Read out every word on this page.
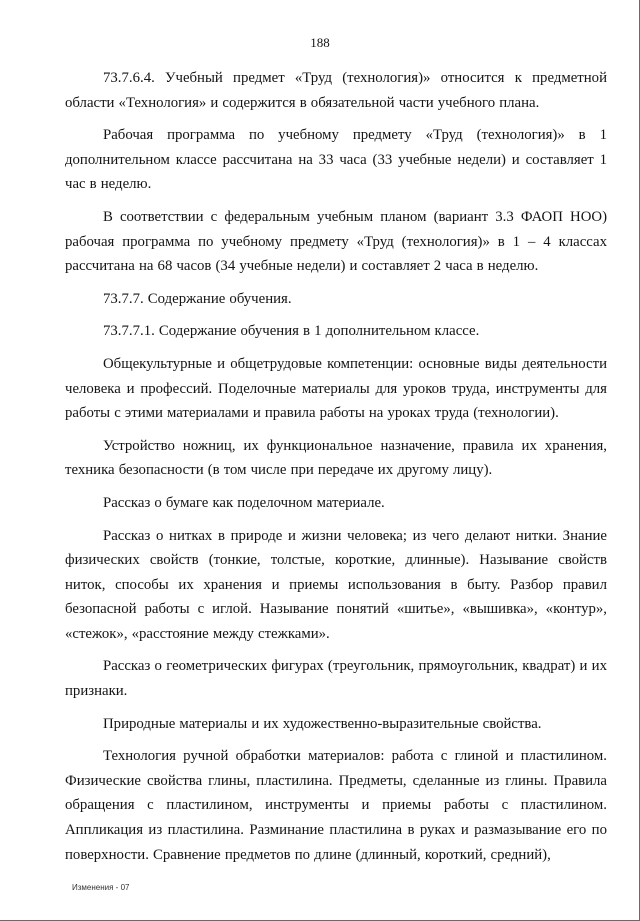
188

73.7.6.4. Учебный предмет «Труд (технология)» относится к предметной области «Технология» и содержится в обязательной части учебного плана.

Рабочая программа по учебному предмету «Труд (технология)» в 1 дополнительном классе рассчитана на 33 часа (33 учебные недели) и составляет 1 час в неделю.

В соответствии с федеральным учебным планом (вариант 3.3 ФАОП НОО) рабочая программа по учебному предмету «Труд (технология)» в 1 – 4 классах рассчитана на 68 часов (34 учебные недели) и составляет 2 часа в неделю.

73.7.7. Содержание обучения.

73.7.7.1. Содержание обучения в 1 дополнительном классе.

Общекультурные и общетрудовые компетенции: основные виды деятельности человека и профессий. Поделочные материалы для уроков труда, инструменты для работы с этими материалами и правила работы на уроках труда (технологии).

Устройство ножниц, их функциональное назначение, правила их хранения, техника безопасности (в том числе при передаче их другому лицу).

Рассказ о бумаге как поделочном материале.

Рассказ о нитках в природе и жизни человека; из чего делают нитки. Знание физических свойств (тонкие, толстые, короткие, длинные). Называние свойств ниток, способы их хранения и приемы использования в быту. Разбор правил безопасной работы с иглой. Называние понятий «шитье», «вышивка», «контур», «стежок», «расстояние между стежками».

Рассказ о геометрических фигурах (треугольник, прямоугольник, квадрат) и их признаки.

Природные материалы и их художественно-выразительные свойства.

Технология ручной обработки материалов: работа с глиной и пластилином. Физические свойства глины, пластилина. Предметы, сделанные из глины. Правила обращения с пластилином, инструменты и приемы работы с пластилином. Аппликация из пластилина. Разминание пластилина в руках и размазывание его по поверхности. Сравнение предметов по длине (длинный, короткий, средний),

Изменения - 07
